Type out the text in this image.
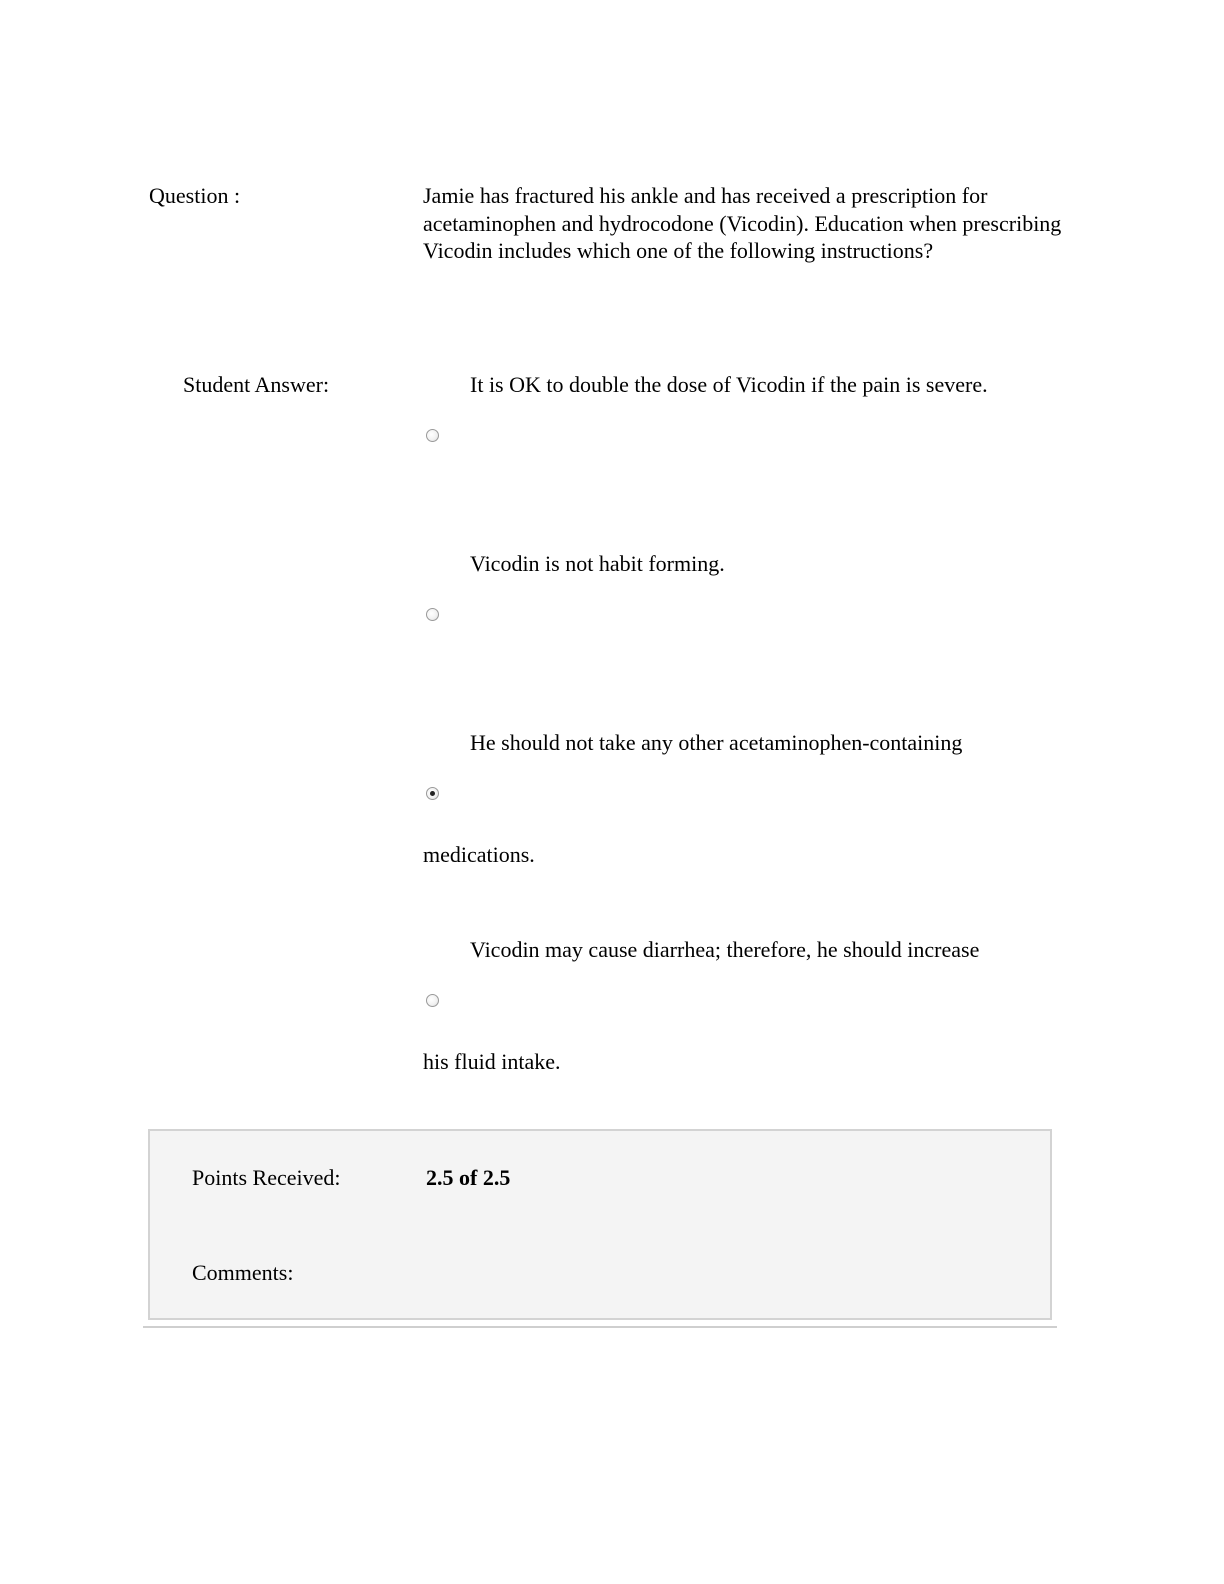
Question :	Jamie has fractured his ankle and has received a prescription for acetaminophen and hydrocodone (Vicodin). Education when prescribing Vicodin includes which one of the following instructions?
Student Answer:	It is OK to double the dose of Vicodin if the pain is severe.
Vicodin is not habit forming.
He should not take any other acetaminophen-containing
medications.
Vicodin may cause diarrhea; therefore, he should increase
his fluid intake.
Points Received:	2.5 of 2.5
Comments:
